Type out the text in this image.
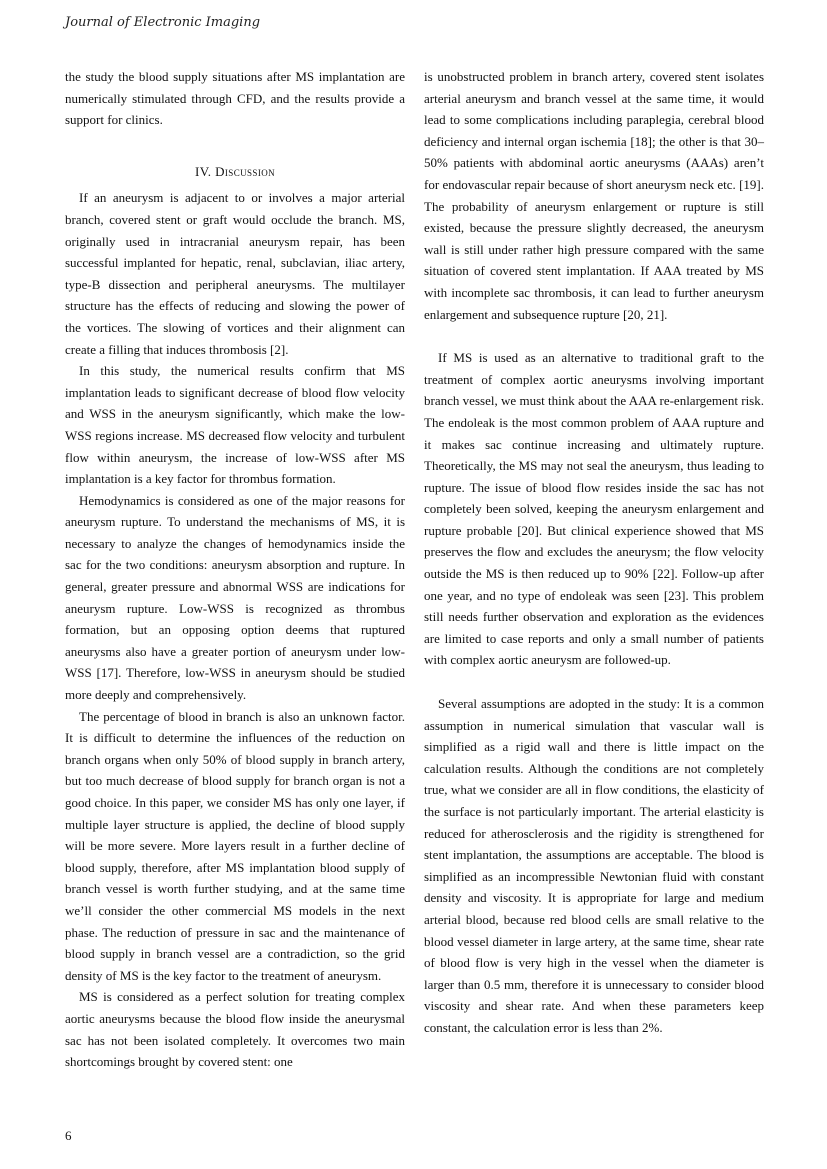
Journal of Electronic Imaging

the study the blood supply situations after MS implantation are numerically stimulated through CFD, and the results provide a support for clinics.

IV. Discussion

If an aneurysm is adjacent to or involves a major arterial branch, covered stent or graft would occlude the branch. MS, originally used in intracranial aneurysm repair, has been successful implanted for hepatic, renal, subclavian, iliac artery, type-B dissection and peripheral aneurysms. The multilayer structure has the effects of reducing and slowing the power of the vortices. The slowing of vortices and their alignment can create a filling that induces thrombosis [2].

In this study, the numerical results confirm that MS implantation leads to significant decrease of blood flow velocity and WSS in the aneurysm significantly, which make the low-WSS regions increase. MS decreased flow velocity and turbulent flow within aneurysm, the increase of low-WSS after MS implantation is a key factor for thrombus formation.

Hemodynamics is considered as one of the major reasons for aneurysm rupture. To understand the mechanisms of MS, it is necessary to analyze the changes of hemodynamics inside the sac for the two conditions: aneurysm absorption and rupture. In general, greater pressure and abnormal WSS are indications for aneurysm rupture. Low-WSS is recognized as thrombus formation, but an opposing option deems that ruptured aneurysms also have a greater portion of aneurysm under low-WSS [17]. Therefore, low-WSS in aneurysm should be studied more deeply and comprehensively.

The percentage of blood in branch is also an unknown factor. It is difficult to determine the influences of the reduction on branch organs when only 50% of blood supply in branch artery, but too much decrease of blood supply for branch organ is not a good choice. In this paper, we consider MS has only one layer, if multiple layer structure is applied, the decline of blood supply will be more severe. More layers result in a further decline of blood supply, therefore, after MS implantation blood supply of branch vessel is worth further studying, and at the same time we’ll consider the other commercial MS models in the next phase. The reduction of pressure in sac and the maintenance of blood supply in branch vessel are a contradiction, so the grid density of MS is the key factor to the treatment of aneurysm.

MS is considered as a perfect solution for treating complex aortic aneurysms because the blood flow inside the aneurysmal sac has not been isolated completely. It overcomes two main shortcomings brought by covered stent: one

is unobstructed problem in branch artery, covered stent isolates arterial aneurysm and branch vessel at the same time, it would lead to some complications including paraplegia, cerebral blood deficiency and internal organ ischemia [18]; the other is that 30–50% patients with abdominal aortic aneurysms (AAAs) aren’t for endovascular repair because of short aneurysm neck etc. [19]. The probability of aneurysm enlargement or rupture is still existed, because the pressure slightly decreased, the aneurysm wall is still under rather high pressure compared with the same situation of covered stent implantation. If AAA treated by MS with incomplete sac thrombosis, it can lead to further aneurysm enlargement and subsequence rupture [20, 21].

If MS is used as an alternative to traditional graft to the treatment of complex aortic aneurysms involving important branch vessel, we must think about the AAA re-enlargement risk. The endoleak is the most common problem of AAA rupture and it makes sac continue increasing and ultimately rupture. Theoretically, the MS may not seal the aneurysm, thus leading to rupture. The issue of blood flow resides inside the sac has not completely been solved, keeping the aneurysm enlargement and rupture probable [20]. But clinical experience showed that MS preserves the flow and excludes the aneurysm; the flow velocity outside the MS is then reduced up to 90% [22]. Follow-up after one year, and no type of endoleak was seen [23]. This problem still needs further observation and exploration as the evidences are limited to case reports and only a small number of patients with complex aortic aneurysm are followed-up.

Several assumptions are adopted in the study: It is a common assumption in numerical simulation that vascular wall is simplified as a rigid wall and there is little impact on the calculation results. Although the conditions are not completely true, what we consider are all in flow conditions, the elasticity of the surface is not particularly important. The arterial elasticity is reduced for atherosclerosis and the rigidity is strengthened for stent implantation, the assumptions are acceptable. The blood is simplified as an incompressible Newtonian fluid with constant density and viscosity. It is appropriate for large and medium arterial blood, because red blood cells are small relative to the blood vessel diameter in large artery, at the same time, shear rate of blood flow is very high in the vessel when the diameter is larger than 0.5 mm, therefore it is unnecessary to consider blood viscosity and shear rate. And when these parameters keep constant, the calculation error is less than 2%.

6
